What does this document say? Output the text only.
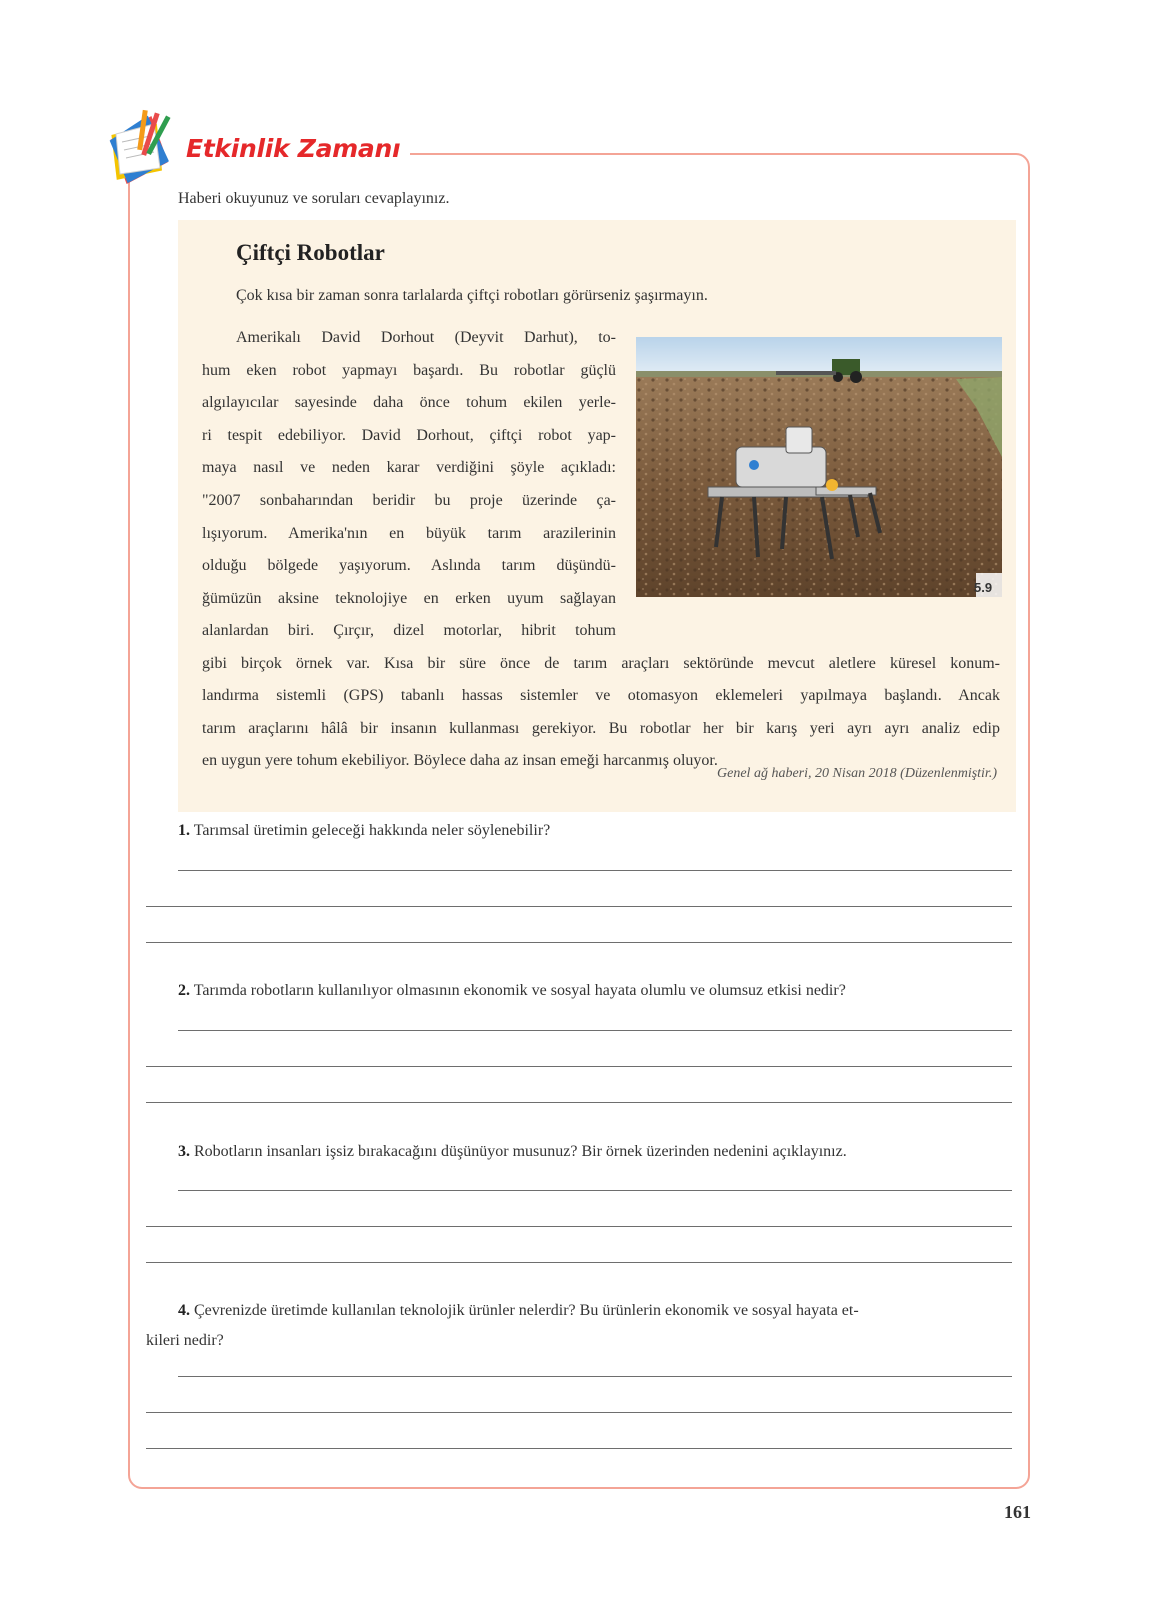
Etkinlik Zamanı
Haberi okuyunuz ve soruları cevaplayınız.
Çiftçi Robotlar
Çok kısa bir zaman sonra tarlalarda çiftçi robotları görürseniz şaşırmayın.
Amerikalı David Dorhout (Deyvit Darhut), to-
hum eken robot yapmayı başardı. Bu robotlar güçlü
algılayıcılar sayesinde daha önce tohum ekilen yerle-
ri tespit edebiliyor. David Dorhout, çiftçi robot yap-
maya nasıl ve neden karar verdiğini şöyle açıkladı:
"2007 sonbaharından beridir bu proje üzerinde ça-
lışıyorum. Amerika'nın en büyük tarım arazilerinin
olduğu bölgede yaşıyorum. Aslında tarım düşündü-
ğümüzün aksine teknolojiye en erken uyum sağlayan
alanlardan biri. Çırçır, dizel motorlar, hibrit tohum
5.9
gibi birçok örnek var. Kısa bir süre önce de tarım araçları sektöründe mevcut aletlere küresel konum-
landırma sistemli (GPS) tabanlı hassas sistemler ve otomasyon eklemeleri yapılmaya başlandı. Ancak
tarım araçlarını hâlâ bir insanın kullanması gerekiyor. Bu robotlar her bir karış yeri ayrı ayrı analiz edip
en uygun yere tohum ekebiliyor. Böylece daha az insan emeği harcanmış oluyor.
Genel ağ haberi, 20 Nisan 2018 (Düzenlenmiştir.)
1. Tarımsal üretimin geleceği hakkında neler söylenebilir?
2. Tarımda robotların kullanılıyor olmasının ekonomik ve sosyal hayata olumlu ve olumsuz etkisi nedir?
3. Robotların insanları işsiz bırakacağını düşünüyor musunuz? Bir örnek üzerinden nedenini açıklayınız.
4. Çevrenizde üretimde kullanılan teknolojik ürünler nelerdir? Bu ürünlerin ekonomik ve sosyal hayata et-
kileri nedir?
161
